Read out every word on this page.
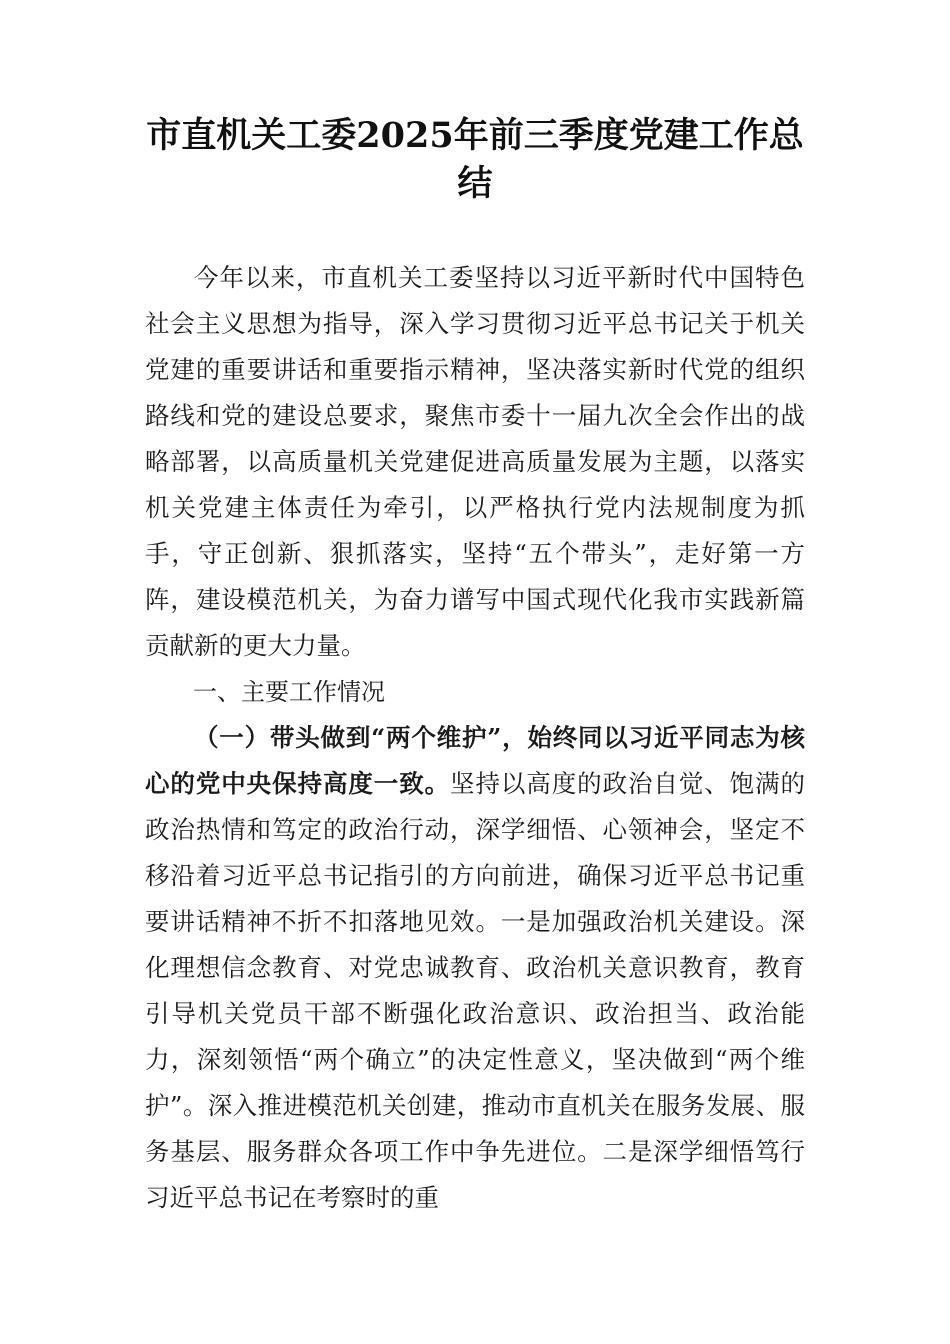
市直机关工委2025年前三季度党建工作总结

今年以来，市直机关工委坚持以习近平新时代中国特色社会主义思想为指导，深入学习贯彻习近平总书记关于机关党建的重要讲话和重要指示精神，坚决落实新时代党的组织路线和党的建设总要求，聚焦市委十一届九次全会作出的战略部署，以高质量机关党建促进高质量发展为主题，以落实机关党建主体责任为牵引，以严格执行党内法规制度为抓手，守正创新、狠抓落实，坚持“五个带头”，走好第一方阵，建设模范机关，为奋力谱写中国式现代化我市实践新篇贡献新的更大力量。

一、主要工作情况

（一）带头做到“两个维护”，始终同以习近平同志为核心的党中央保持高度一致。坚持以高度的政治自觉、饱满的政治热情和笃定的政治行动，深学细悟、心领神会，坚定不移沿着习近平总书记指引的方向前进，确保习近平总书记重要讲话精神不折不扣落地见效。一是加强政治机关建设。深化理想信念教育、对党忠诚教育、政治机关意识教育，教育引导机关党员干部不断强化政治意识、政治担当、政治能力，深刻领悟“两个确立”的决定性意义，坚决做到“两个维护”。深入推进模范机关创建，推动市直机关在服务发展、服务基层、服务群众各项工作中争先进位。二是深学细悟笃行习近平总书记在考察时的重
